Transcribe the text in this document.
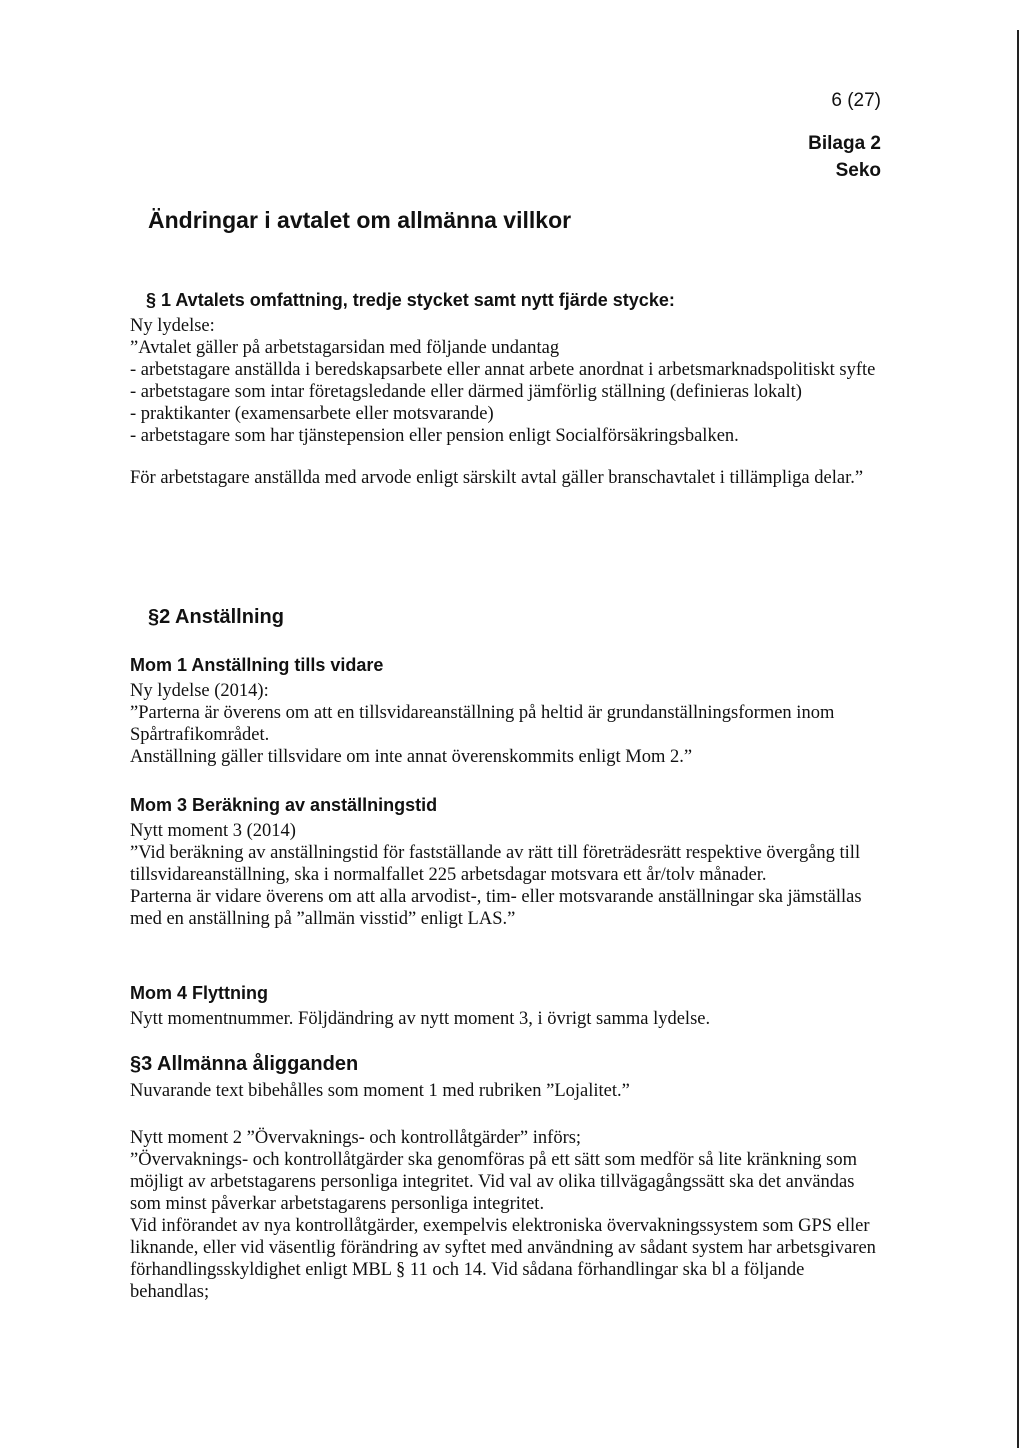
6 (27)
Bilaga 2
Seko
Ändringar i avtalet om allmänna villkor

§ 1 Avtalets omfattning, tredje stycket samt nytt fjärde stycke:

Ny lydelse:

”Avtalet gäller på arbetstagarsidan med följande undantag

- arbetstagare anställda i beredskapsarbete eller annat arbete anordnat i arbetsmarknadspolitiskt syfte

- arbetstagare som intar företagsledande eller därmed jämförlig ställning (definieras lokalt)

- praktikanter (examensarbete eller motsvarande)

- arbetstagare som har tjänstepension eller pension enligt Socialförsäkringsbalken.

För arbetstagare anställda med arvode enligt särskilt avtal gäller branschavtalet i tillämpliga delar.”

§2 Anställning

Mom 1 Anställning tills vidare

Ny lydelse (2014):

”Parterna är överens om att en tillsvidareanställning på heltid är grundanställningsformen inom Spårtrafikområdet.

Anställning gäller tillsvidare om inte annat överenskommits enligt Mom 2.”

Mom 3 Beräkning av anställningstid

Nytt moment 3 (2014)

”Vid beräkning av anställningstid för fastställande av rätt till företrädesrätt respektive övergång till tillsvidareanställning, ska i normalfallet 225 arbetsdagar motsvara ett år/tolv månader.

Parterna är vidare överens om att alla arvodist-, tim- eller motsvarande anställningar ska jämställas med en anställning på ”allmän visstid” enligt LAS.”

Mom 4 Flyttning

Nytt momentnummer. Följdändring av nytt moment 3, i övrigt samma lydelse.

§3 Allmänna åligganden

Nuvarande text bibehålles som moment 1 med rubriken ”Lojalitet.”

Nytt moment 2 ”Övervaknings- och kontrollåtgärder” införs;

”Övervaknings- och kontrollåtgärder ska genomföras på ett sätt som medför så lite kränkning som möjligt av arbetstagarens personliga integritet. Vid val av olika tillvägagångssätt ska det användas som minst påverkar arbetstagarens personliga integritet.

Vid införandet av nya kontrollåtgärder, exempelvis elektroniska övervakningssystem som GPS eller liknande, eller vid väsentlig förändring av syftet med användning av sådant system har arbetsgivaren förhandlingsskyldighet enligt MBL § 11 och 14. Vid sådana förhandlingar ska bl a följande behandlas;
